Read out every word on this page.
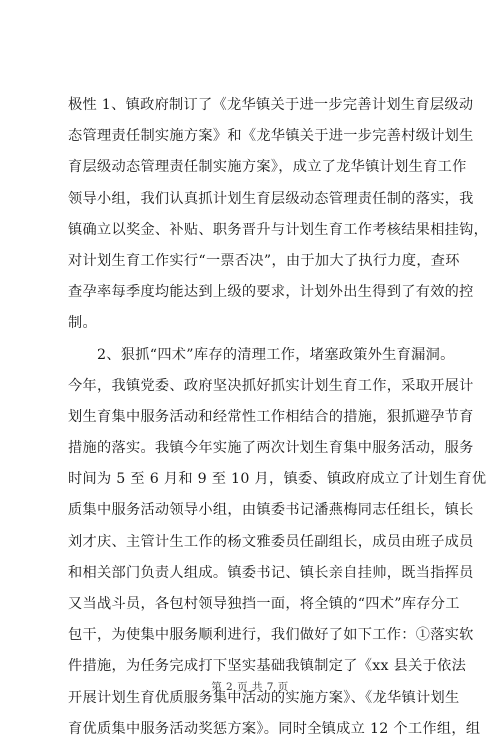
极性 1、镇政府制订了《龙华镇关于进一步完善计划生育层级动
态管理责任制实施方案》和《龙华镇关于进一步完善村级计划生
育层级动态管理责任制实施方案》，成立了龙华镇计划生育工作
领导小组，我们认真抓计划生育层级动态管理责任制的落实，我
镇确立以奖金、补贴、职务晋升与计划生育工作考核结果相挂钩，
对计划生育工作实行“一票否决”，由于加大了执行力度，查环
查孕率每季度均能达到上级的要求，计划外出生得到了有效的控
制。
　　2、狠抓“四术”库存的清理工作，堵塞政策外生育漏洞。
今年，我镇党委、政府坚决抓好抓实计划生育工作，采取开展计
划生育集中服务活动和经常性工作相结合的措施，狠抓避孕节育
措施的落实。我镇今年实施了两次计划生育集中服务活动，服务
时间为 5 至 6 月和 9 至 10 月，镇委、镇政府成立了计划生育优
质集中服务活动领导小组，由镇委书记潘燕梅同志任组长，镇长
刘才庆、主管计生工作的杨文雅委员任副组长，成员由班子成员
和相关部门负责人组成。镇委书记、镇长亲自挂帅，既当指挥员
又当战斗员，各包村领导独挡一面，将全镇的“四术”库存分工
包干，为使集中服务顺利进行，我们做好了如下工作：①落实软
件措施，为任务完成打下坚实基础我镇制定了《xx 县关于依法
开展计划生育优质服务集中活动的实施方案》、《龙华镇计划生
育优质集中服务活动奖惩方案》。同时全镇成立 12 个工作组，组
第 2 页 共 7 页
